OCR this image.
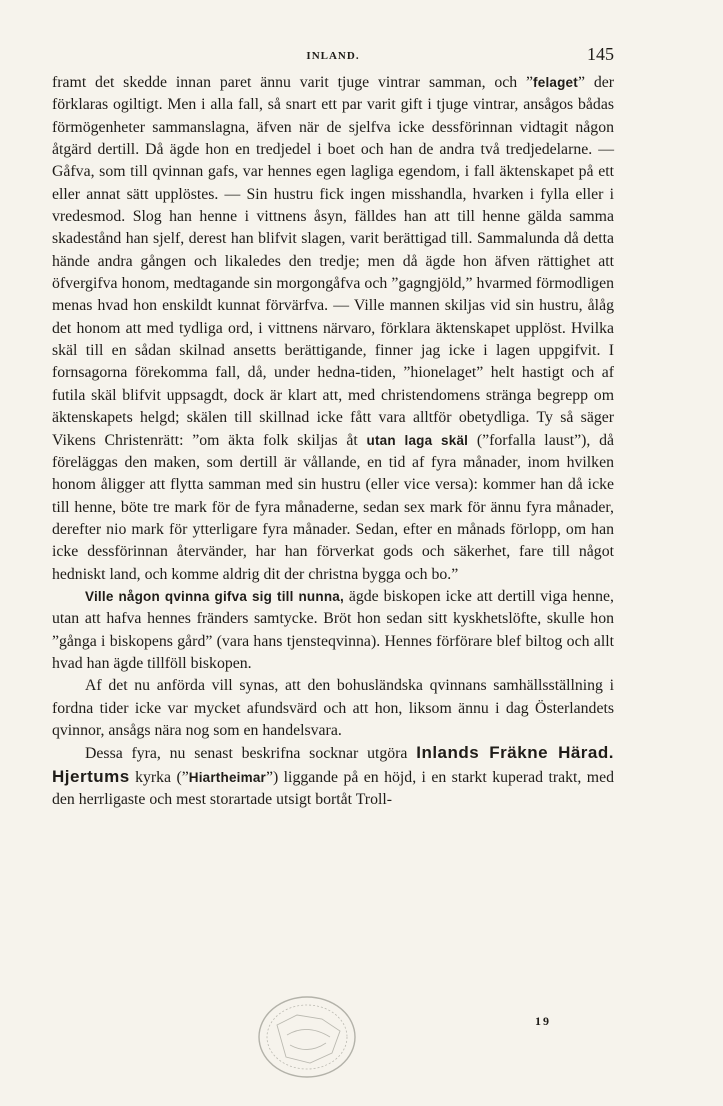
INLAND.	145

framt det skedde innan paret ännu varit tjuge vintrar samman, och ”felaget” der förklaras ogiltigt. Men i alla fall, så snart ett par varit gift i tjuge vintrar, ansågos bådas förmögenheter sammanslagna, äfven när de sjelfva icke dessförinnan vidtagit någon åtgärd dertill. Då ägde hon en tredjedel i boet och han de andra två tredjedelarne. — Gåfva, som till qvinnan gafs, var hennes egen lagliga egendom, i fall äktenskapet på ett eller annat sätt upplöstes. — Sin hustru fick ingen misshandla, hvarken i fylla eller i vredesmod. Slog han henne i vittnens åsyn, fälldes han att till henne gälda samma skadestånd han sjelf, derest han blifvit slagen, varit berättigad till. Sammalunda då detta hände andra gången och likaledes den tredje; men då ägde hon äfven rättighet att öfvergifva honom, medtagande sin morgongåfva och ”gagngjöld,” hvarmed förmodligen menas hvad hon enskildt kunnat förvärfva. — Ville mannen skiljas vid sin hustru, ålåg det honom att med tydliga ord, i vittnens närvaro, förklara äktenskapet upplöst. Hvilka skäl till en sådan skilnad ansetts berättigande, finner jag icke i lagen uppgifvit. I fornsagorna förekomma fall, då, under hedna-tiden, ”hionelaget” helt hastigt och af futila skäl blifvit uppsagdt, dock är klart att, med christendomens stränga begrepp om äktenskapets helgd; skälen till skillnad icke fått vara alltför obetydliga. Ty så säger Vikens Christenrätt: ”om äkta folk skiljas åt utan laga skäl (”forfalla laust”), då föreläggas den maken, som dertill är vållande, en tid af fyra månader, inom hvilken honom åligger att flytta samman med sin hustru (eller vice versa): kommer han då icke till henne, böte tre mark för de fyra månaderne, sedan sex mark för ännu fyra månader, derefter nio mark för ytterligare fyra månader. Sedan, efter en månads förlopp, om han icke dessförinnan återvänder, har han förverkat gods och säkerhet, fare till något hedniskt land, och komme aldrig dit der christna bygga och bo.”

Ville någon qvinna gifva sig till nunna, ägde biskopen icke att dertill viga henne, utan att hafva hennes fränders samtycke. Bröt hon sedan sitt kyskhetslöfte, skulle hon ”gånga i biskopens gård” (vara hans tjensteqvinna). Hennes förförare blef biltog och allt hvad han ägde tillföll biskopen.

Af det nu anförda vill synas, att den bohusländska qvinnans samhällsställning i fordna tider icke var mycket afundsvärd och att hon, liksom ännu i dag Österlandets qvinnor, ansågs nära nog som en handelsvara.

Dessa fyra, nu senast beskrifna socknar utgöra Inlands Fräkne Härad. Hjertums kyrka (”Hiartheimar”) liggande på en höjd, i en starkt kuperad trakt, med den herrligaste och mest storartade utsigt bortåt Troll-

19
